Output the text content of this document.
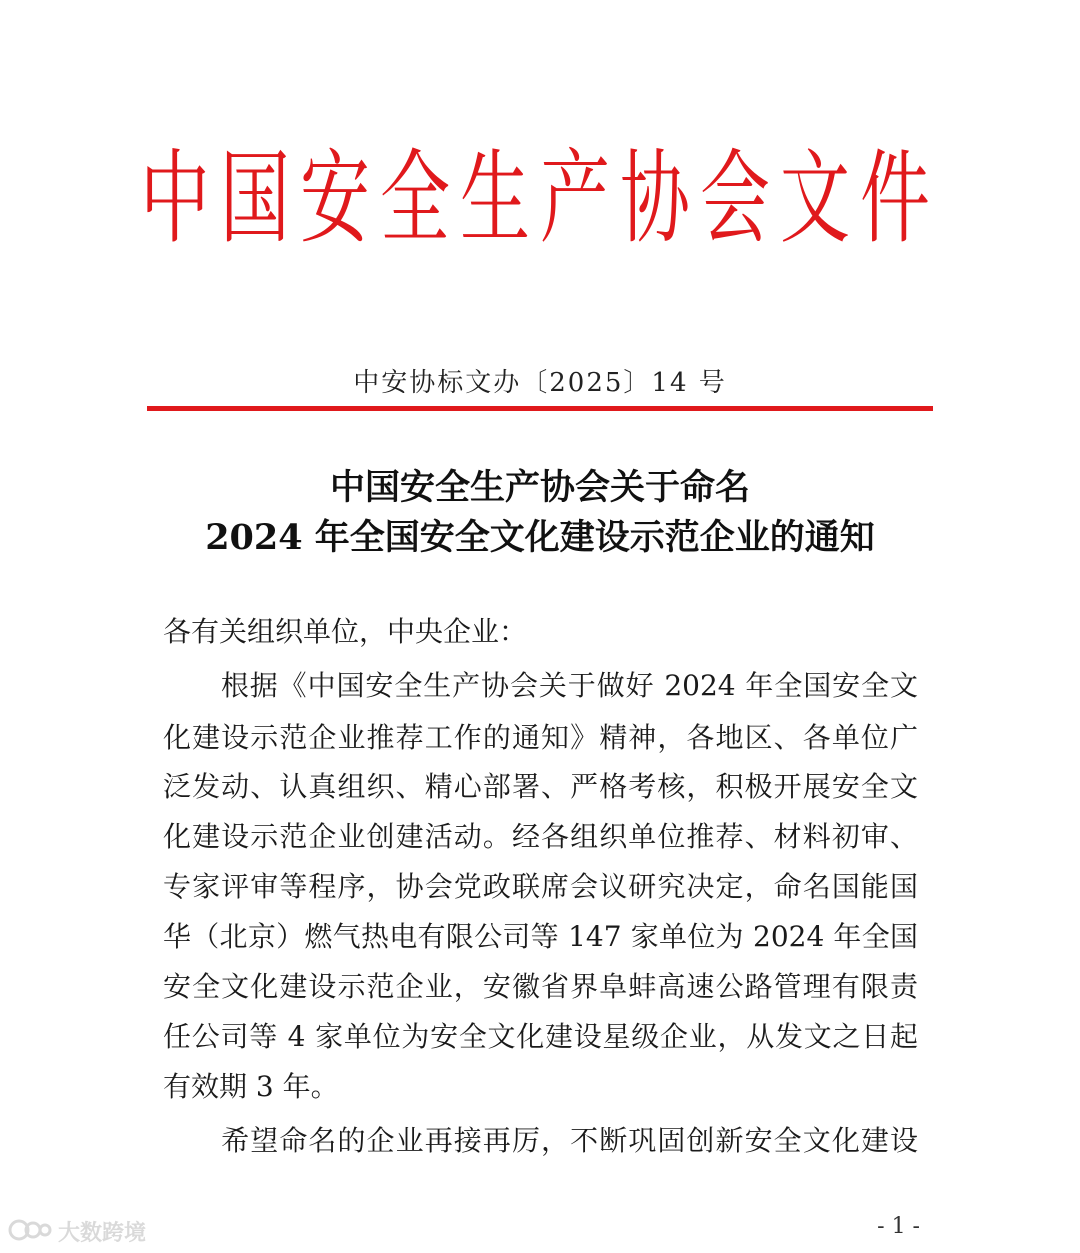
中国安全生产协会文件
中安协标文办〔2025〕14 号
中国安全生产协会关于命名
2024 年全国安全文化建设示范企业的通知
各有关组织单位，中央企业：
　　根据《中国安全生产协会关于做好 2024 年全国安全文
化建设示范企业推荐工作的通知》精神，各地区、各单位广
泛发动、认真组织、精心部署、严格考核，积极开展安全文
化建设示范企业创建活动。经各组织单位推荐、材料初审、
专家评审等程序，协会党政联席会议研究决定，命名国能国
华（北京）燃气热电有限公司等 147 家单位为 2024 年全国
安全文化建设示范企业，安徽省界阜蚌高速公路管理有限责
任公司等 4 家单位为安全文化建设星级企业，从发文之日起
有效期 3 年。
　　希望命名的企业再接再厉，不断巩固创新安全文化建设
大数跨境	- 1 -
